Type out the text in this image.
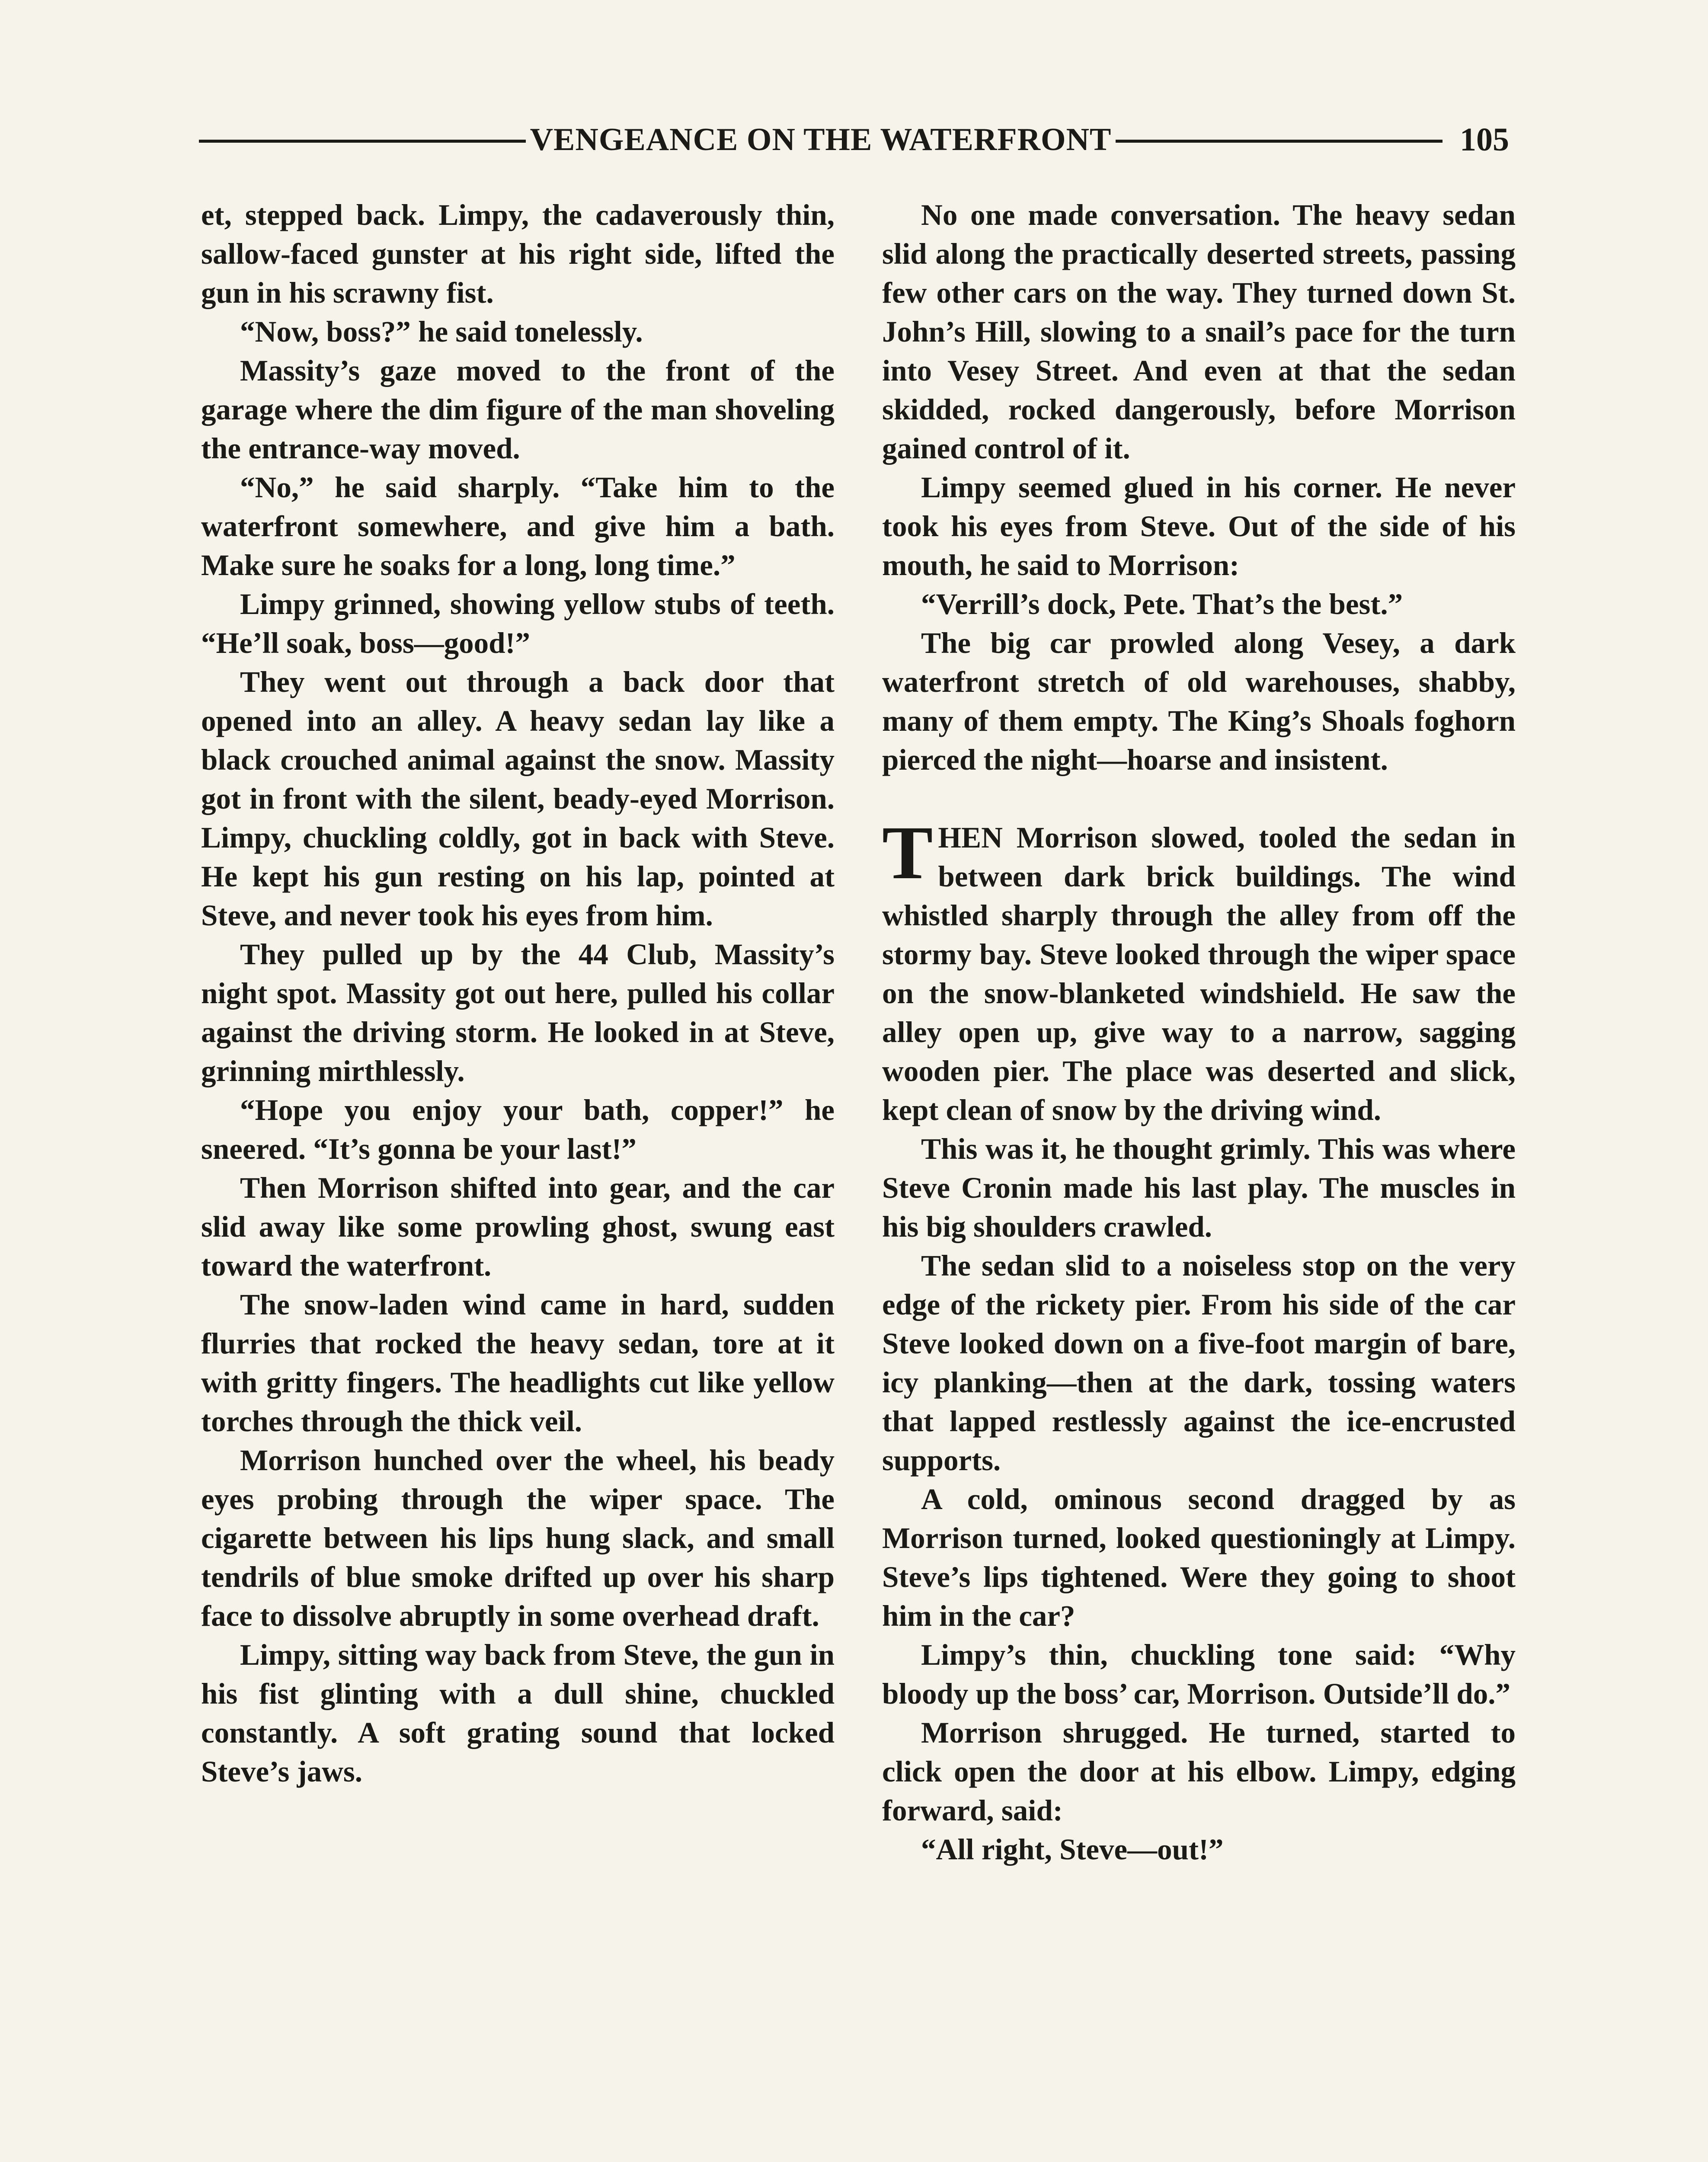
VENGEANCE ON THE WATERFRONT	105

et, stepped back. Limpy, the cadaverously thin, sallow-faced gunster at his right side, lifted the gun in his scrawny fist.

“Now, boss?” he said tonelessly.

Massity’s gaze moved to the front of the garage where the dim figure of the man shoveling the entrance-way moved.

“No,” he said sharply. “Take him to the waterfront somewhere, and give him a bath. Make sure he soaks for a long, long time.”

Limpy grinned, showing yellow stubs of teeth. “He’ll soak, boss—good!”

They went out through a back door that opened into an alley. A heavy sedan lay like a black crouched animal against the snow. Massity got in front with the silent, beady-eyed Morrison. Limpy, chuckling coldly, got in back with Steve. He kept his gun resting on his lap, pointed at Steve, and never took his eyes from him.

They pulled up by the 44 Club, Massity’s night spot. Massity got out here, pulled his collar against the driving storm. He looked in at Steve, grinning mirthlessly.

“Hope you enjoy your bath, copper!” he sneered. “It’s gonna be your last!”

Then Morrison shifted into gear, and the car slid away like some prowling ghost, swung east toward the waterfront.

The snow-laden wind came in hard, sudden flurries that rocked the heavy sedan, tore at it with gritty fingers. The headlights cut like yellow torches through the thick veil.

Morrison hunched over the wheel, his beady eyes probing through the wiper space. The cigarette between his lips hung slack, and small tendrils of blue smoke drifted up over his sharp face to dissolve abruptly in some overhead draft.

Limpy, sitting way back from Steve, the gun in his fist glinting with a dull shine, chuckled constantly. A soft grating sound that locked Steve’s jaws.

No one made conversation. The heavy sedan slid along the practically deserted streets, passing few other cars on the way. They turned down St. John’s Hill, slowing to a snail’s pace for the turn into Vesey Street. And even at that the sedan skidded, rocked dangerously, before Morrison gained control of it.

Limpy seemed glued in his corner. He never took his eyes from Steve. Out of the side of his mouth, he said to Morrison:

“Verrill’s dock, Pete. That’s the best.”

The big car prowled along Vesey, a dark waterfront stretch of old warehouses, shabby, many of them empty. The King’s Shoals foghorn pierced the night—hoarse and insistent.

THEN Morrison slowed, tooled the sedan in between dark brick buildings. The wind whistled sharply through the alley from off the stormy bay. Steve looked through the wiper space on the snow-blanketed windshield. He saw the alley open up, give way to a narrow, sagging wooden pier. The place was deserted and slick, kept clean of snow by the driving wind.

This was it, he thought grimly. This was where Steve Cronin made his last play. The muscles in his big shoulders crawled.

The sedan slid to a noiseless stop on the very edge of the rickety pier. From his side of the car Steve looked down on a five-foot margin of bare, icy planking—then at the dark, tossing waters that lapped restlessly against the ice-encrusted supports.

A cold, ominous second dragged by as Morrison turned, looked questioningly at Limpy. Steve’s lips tightened. Were they going to shoot him in the car?

Limpy’s thin, chuckling tone said: “Why bloody up the boss’ car, Morrison. Outside’ll do.”

Morrison shrugged. He turned, started to click open the door at his elbow. Limpy, edging forward, said:

“All right, Steve—out!”
